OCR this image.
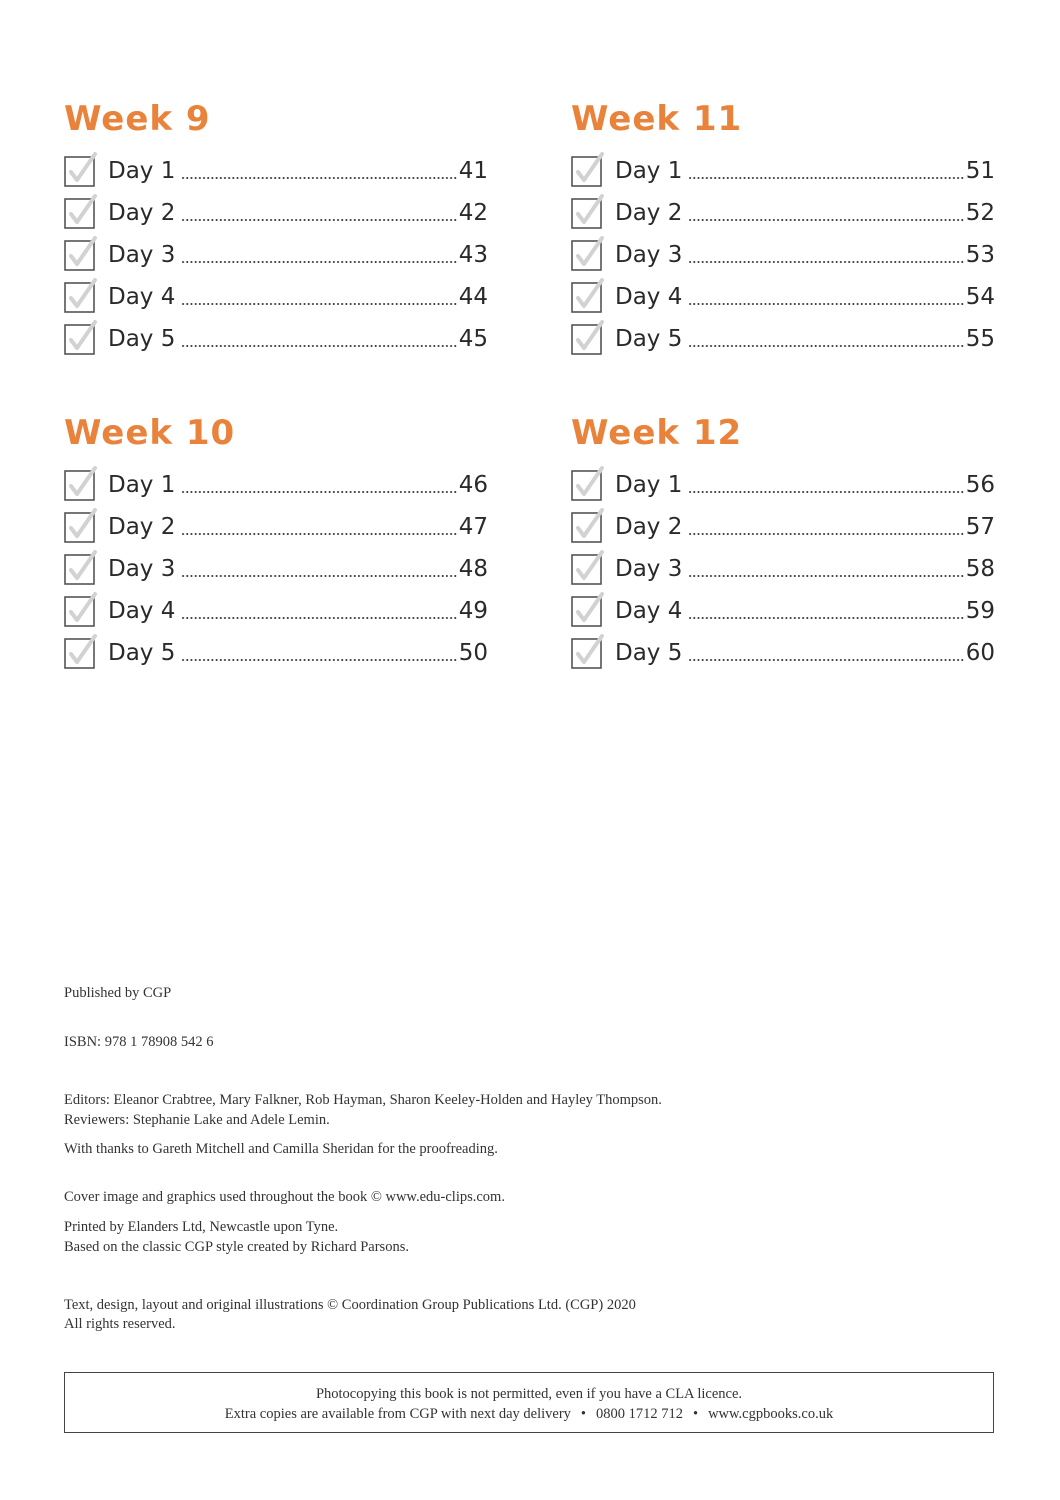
Week 9
Day 1	41
Day 2	42
Day 3	43
Day 4	44
Day 5	45
Week 10
Day 1	46
Day 2	47
Day 3	48
Day 4	49
Day 5	50
Week 11
Day 1	51
Day 2	52
Day 3	53
Day 4	54
Day 5	55
Week 12
Day 1	56
Day 2	57
Day 3	58
Day 4	59
Day 5	60
Published by CGP
ISBN: 978 1 78908 542 6
Editors: Eleanor Crabtree, Mary Falkner, Rob Hayman, Sharon Keeley-Holden and Hayley Thompson.
Reviewers: Stephanie Lake and Adele Lemin.
With thanks to Gareth Mitchell and Camilla Sheridan for the proofreading.
Cover image and graphics used throughout the book © www.edu-clips.com.
Printed by Elanders Ltd, Newcastle upon Tyne.
Based on the classic CGP style created by Richard Parsons.
Text, design, layout and original illustrations © Coordination Group Publications Ltd. (CGP) 2020
All rights reserved.
Photocopying this book is not permitted, even if you have a CLA licence.
Extra copies are available from CGP with next day delivery • 0800 1712 712 • www.cgpbooks.co.uk
